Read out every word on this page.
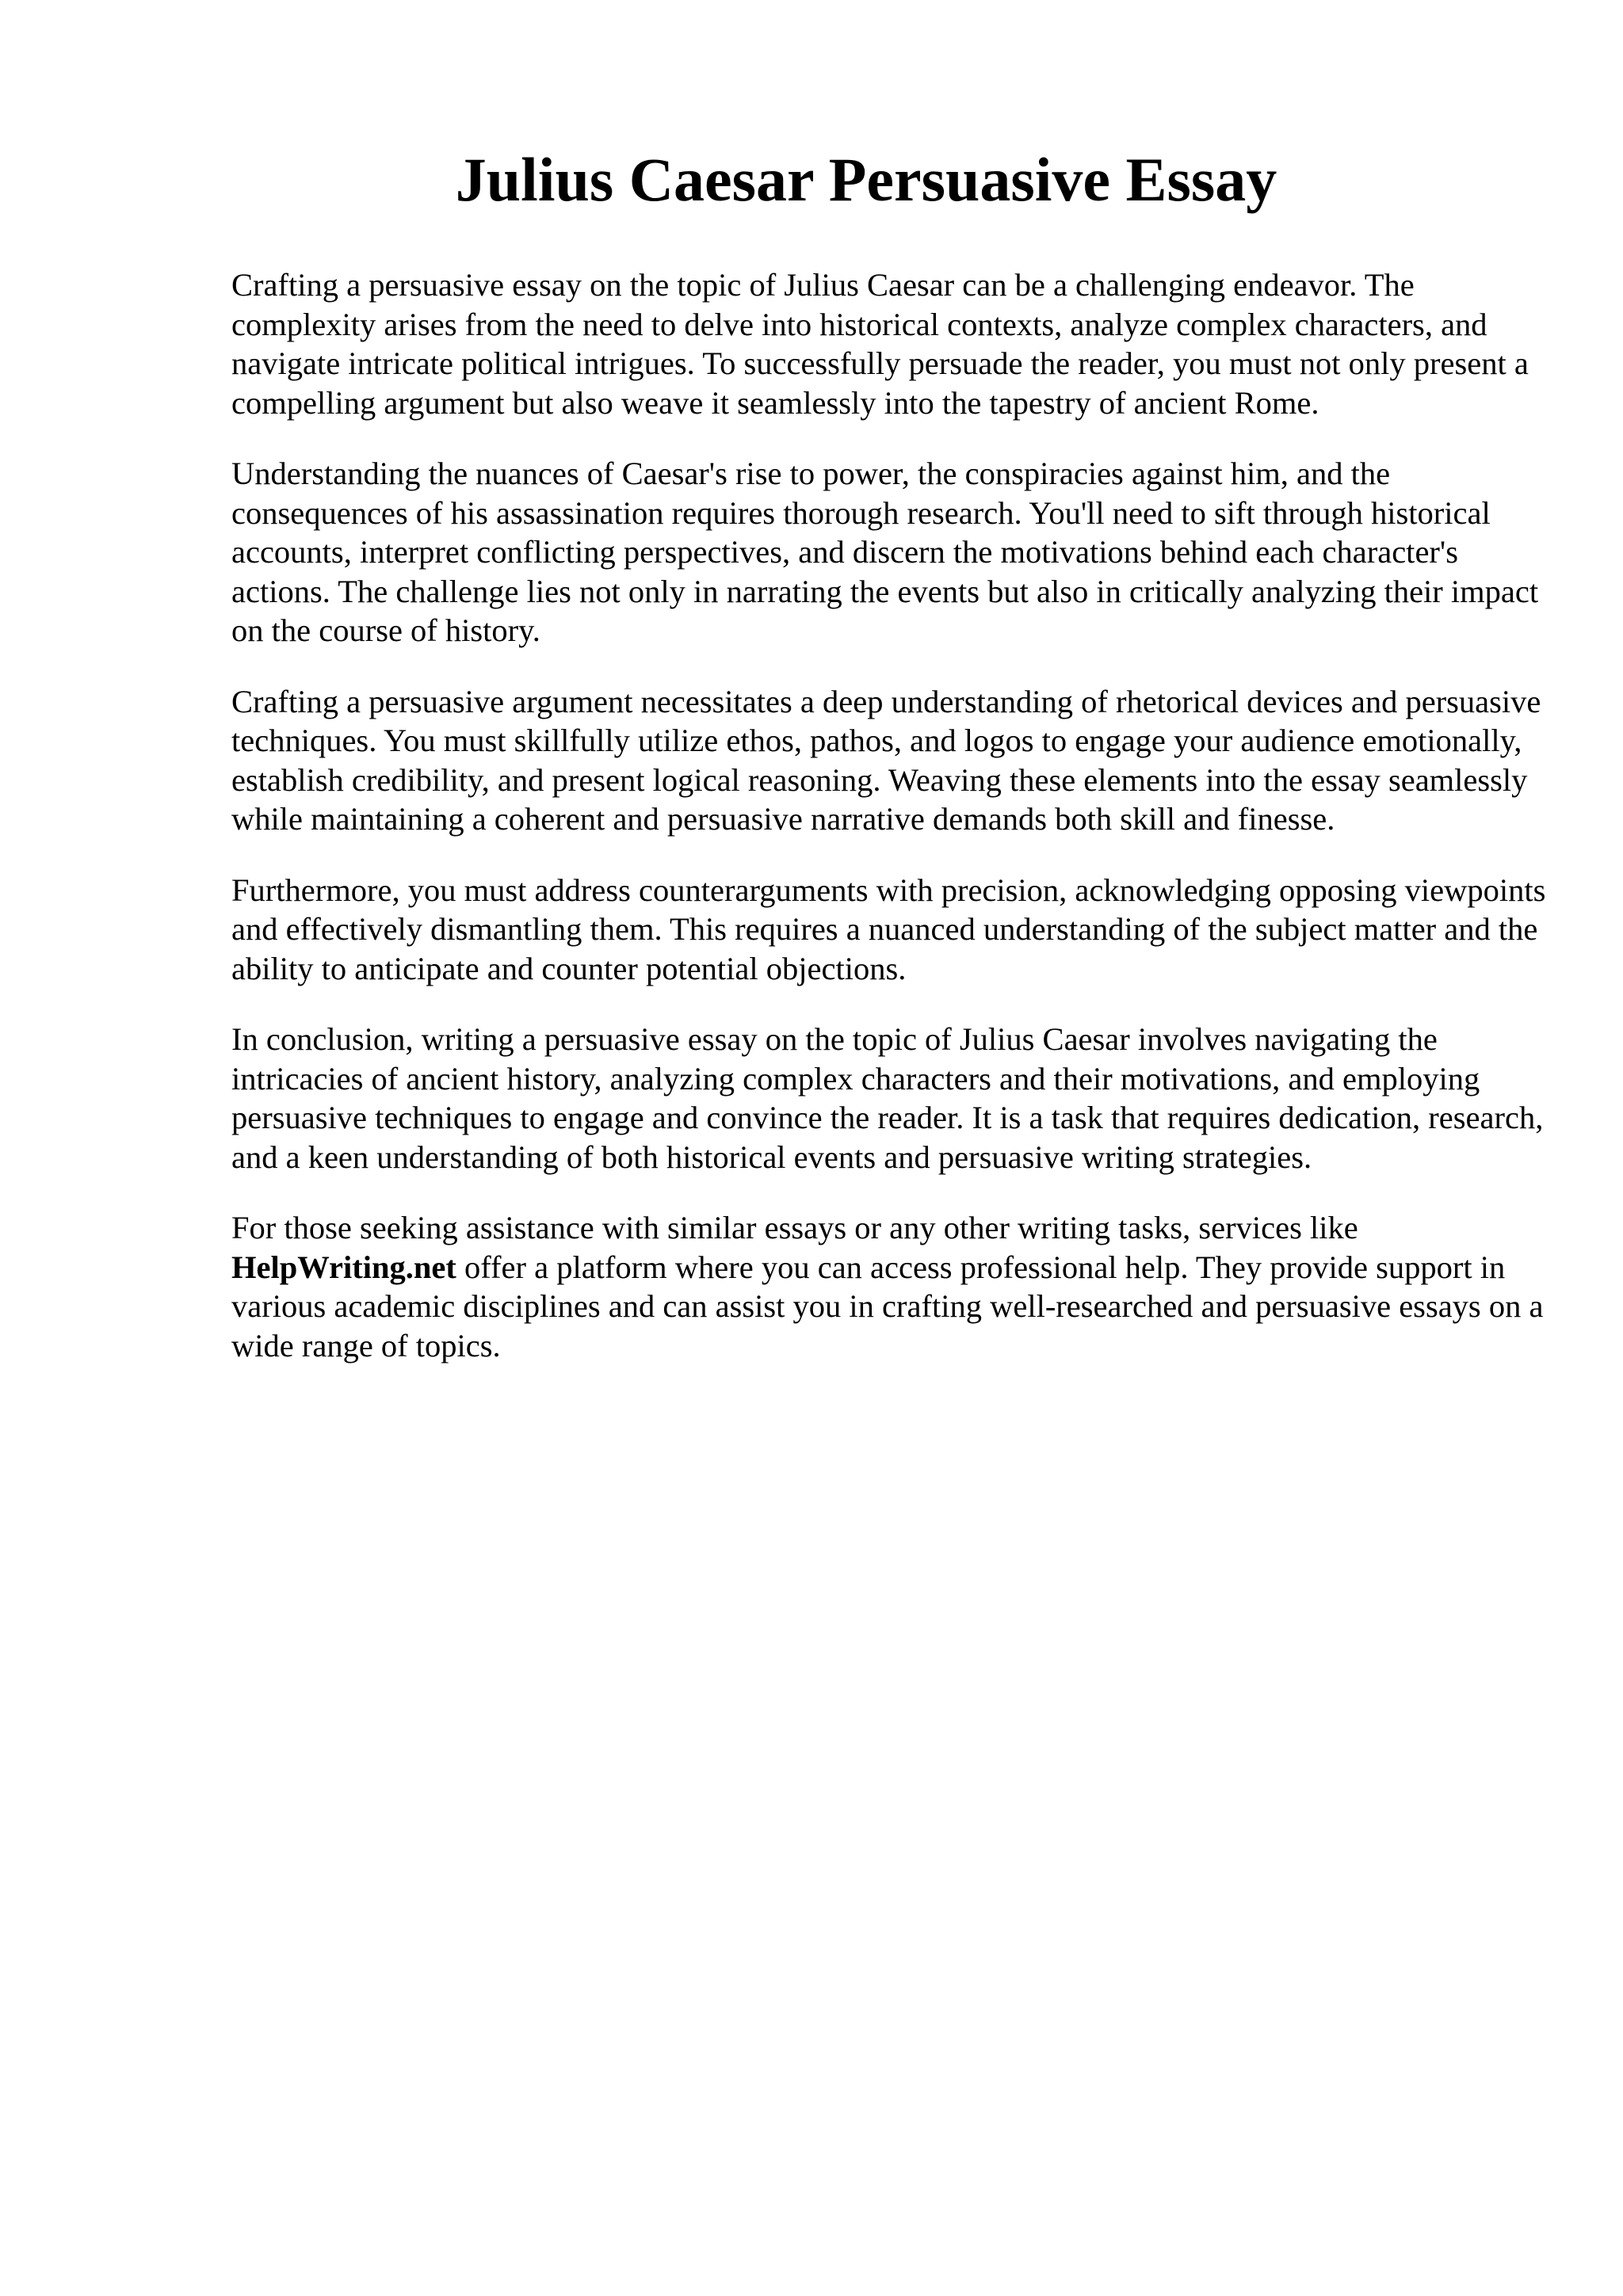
Julius Caesar Persuasive Essay

Crafting a persuasive essay on the topic of Julius Caesar can be a challenging endeavor. The complexity arises from the need to delve into historical contexts, analyze complex characters, and navigate intricate political intrigues. To successfully persuade the reader, you must not only present a compelling argument but also weave it seamlessly into the tapestry of ancient Rome.

Understanding the nuances of Caesar's rise to power, the conspiracies against him, and the consequences of his assassination requires thorough research. You'll need to sift through historical accounts, interpret conflicting perspectives, and discern the motivations behind each character's actions. The challenge lies not only in narrating the events but also in critically analyzing their impact on the course of history.

Crafting a persuasive argument necessitates a deep understanding of rhetorical devices and persuasive techniques. You must skillfully utilize ethos, pathos, and logos to engage your audience emotionally, establish credibility, and present logical reasoning. Weaving these elements into the essay seamlessly while maintaining a coherent and persuasive narrative demands both skill and finesse.

Furthermore, you must address counterarguments with precision, acknowledging opposing viewpoints and effectively dismantling them. This requires a nuanced understanding of the subject matter and the ability to anticipate and counter potential objections.

In conclusion, writing a persuasive essay on the topic of Julius Caesar involves navigating the intricacies of ancient history, analyzing complex characters and their motivations, and employing persuasive techniques to engage and convince the reader. It is a task that requires dedication, research, and a keen understanding of both historical events and persuasive writing strategies.

For those seeking assistance with similar essays or any other writing tasks, services like HelpWriting.net offer a platform where you can access professional help. They provide support in various academic disciplines and can assist you in crafting well-researched and persuasive essays on a wide range of topics.
